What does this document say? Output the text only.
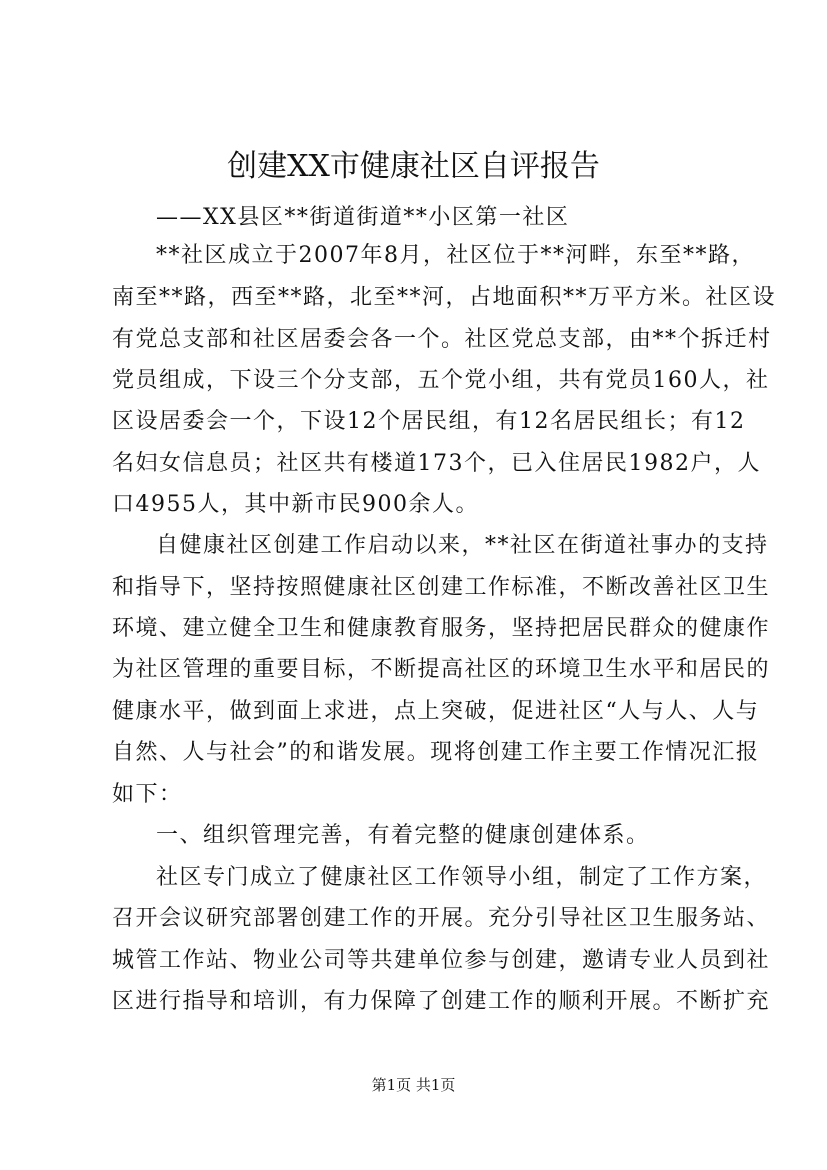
创建XX市健康社区自评报告
——XX县区**街道街道**小区第一社区
**社区成立于2007年8月，社区位于**河畔，东至**路，
南至**路，西至**路，北至**河，占地面积**万平方米。社区设
有党总支部和社区居委会各一个。社区党总支部，由**个拆迁村
党员组成，下设三个分支部，五个党小组，共有党员160人，社
区设居委会一个，下设12个居民组，有12名居民组长；有12
名妇女信息员；社区共有楼道173个，已入住居民1982户，人
口4955人，其中新市民900余人。
自健康社区创建工作启动以来，**社区在街道社事办的支持
和指导下，坚持按照健康社区创建工作标准，不断改善社区卫生
环境、建立健全卫生和健康教育服务，坚持把居民群众的健康作
为社区管理的重要目标，不断提高社区的环境卫生水平和居民的
健康水平，做到面上求进，点上突破，促进社区“人与人、人与
自然、人与社会”的和谐发展。现将创建工作主要工作情况汇报
如下：
一、组织管理完善，有着完整的健康创建体系。
社区专门成立了健康社区工作领导小组，制定了工作方案，
召开会议研究部署创建工作的开展。充分引导社区卫生服务站、
城管工作站、物业公司等共建单位参与创建，邀请专业人员到社
区进行指导和培训，有力保障了创建工作的顺利开展。不断扩充
第1页 共1页
